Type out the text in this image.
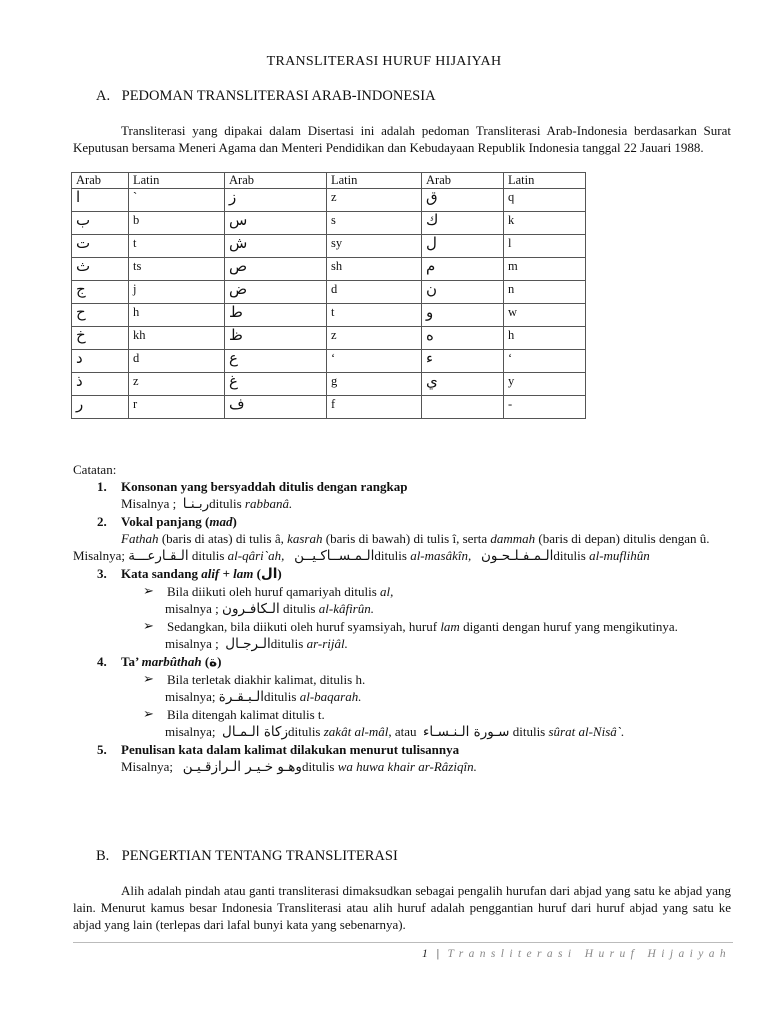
TRANSLITERASI HURUF HIJAIYAH
A. PEDOMAN TRANSLITERASI ARAB-INDONESIA
Transliterasi yang dipakai dalam Disertasi ini adalah pedoman Transliterasi Arab-Indonesia berdasarkan Surat Keputusan bersama Meneri Agama dan Menteri Pendidikan dan Kebudayaan Republik Indonesia tanggal 22 Jauari 1988.
Arab	Latin	Arab	Latin	Arab	Latin
ا	`	ز	z	ق	q
ب	b	س	s	ك	k
ت	t	ش	sy	ل	l
ث	ts	ص	sh	م	m
ج	j	ض	d	ن	n
ح	h	ط	t	و	w
خ	kh	ظ	z	ه	h
د	d	ع	‘	ء	‘
ذ	z	غ	g	ي	y
ر	r	ف	f		-
Catatan:
1. Konsonan yang bersyaddah ditulis dengan rangkap
Misalnya ; ربـنـاditulis rabbanâ.
2. Vokal panjang (mad)
Fathah (baris di atas) di tulis â, kasrah (baris di bawah) di tulis î, serta dammah (baris di depan) ditulis dengan û.
Misalnya; الـقـارعـــة ditulis al-qâri`ah, الـمـســاكـيــنditulis al-masâkîn, الـمـفـلـحـونditulis al-muflihûn
3. Kata sandang alif + lam (ال)
➢	Bila diikuti oleh huruf qamariyah ditulis al,
misalnya ; الـكافـرون ditulis al-kâfirûn.
➢	Sedangkan, bila diikuti oleh huruf syamsiyah, huruf lam diganti dengan huruf yang mengikutinya.
misalnya ; الـرجـالditulis ar-rijâl.
4. Ta’ marbûthah (ة)
➢	Bila terletak diakhir kalimat, ditulis h.
misalnya; الـبـقـرةditulis al-baqarah.
➢	Bila ditengah kalimat ditulis t.
misalnya; زكاة الـمـالditulis zakât al-mâl, atau سـورة الـنـسـاء ditulis sûrat al-Nisâ`.
5. Penulisan kata dalam kalimat dilakukan menurut tulisannya
Misalnya; وهـو خـيـر الـرازقـيـنditulis wa huwa khair ar-Râziqîn.
B. PENGERTIAN TENTANG TRANSLITERASI
Alih adalah pindah atau ganti transliterasi dimaksudkan sebagai pengalih hurufan dari abjad yang satu ke abjad yang lain. Menurut kamus besar Indonesia Transliterasi atau alih huruf adalah penggantian huruf dari huruf abjad yang satu ke abjad yang lain (terlepas dari lafal bunyi kata yang sebenarnya).
1 | Transliterasi Huruf Hijaiyah
